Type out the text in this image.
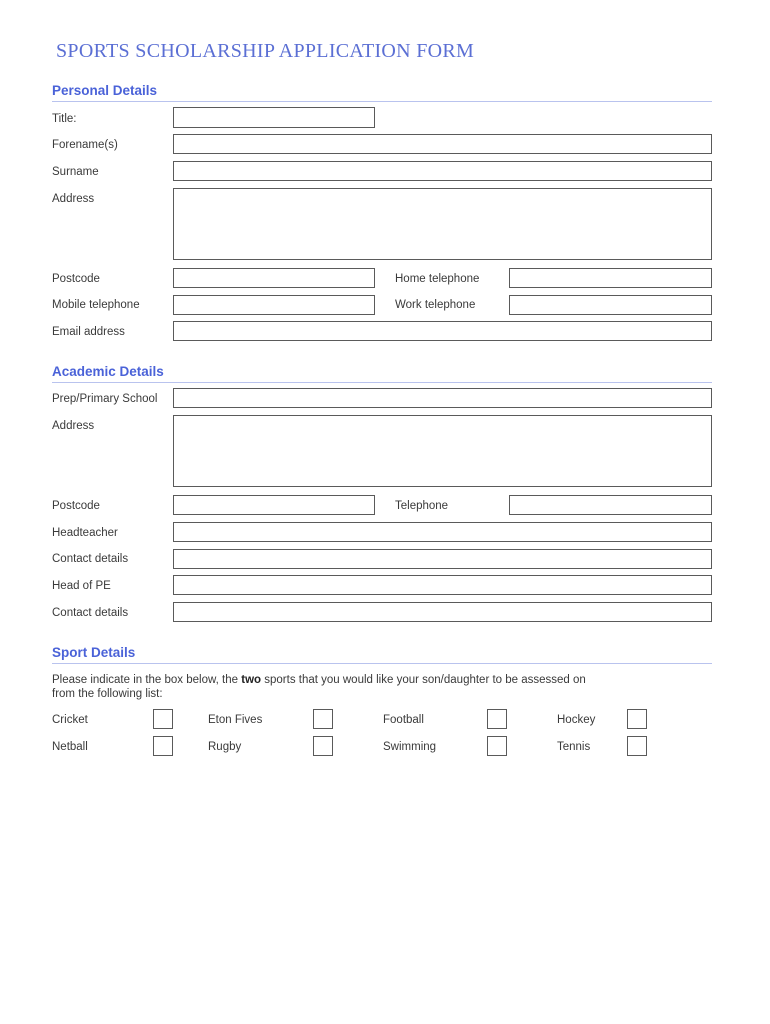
SPORTS SCHOLARSHIP APPLICATION FORM
Personal Details
Title:
Forename(s)
Surname
Address
Postcode	Home telephone
Mobile telephone	Work telephone
Email address
Academic Details
Prep/Primary School
Address
Postcode	Telephone
Headteacher
Contact details
Head of PE
Contact details
Sport Details
Please indicate in the box below, the two sports that you would like your son/daughter to be assessed on
from the following list:
Cricket	Eton Fives	Football	Hockey
Netball	Rugby	Swimming	Tennis
